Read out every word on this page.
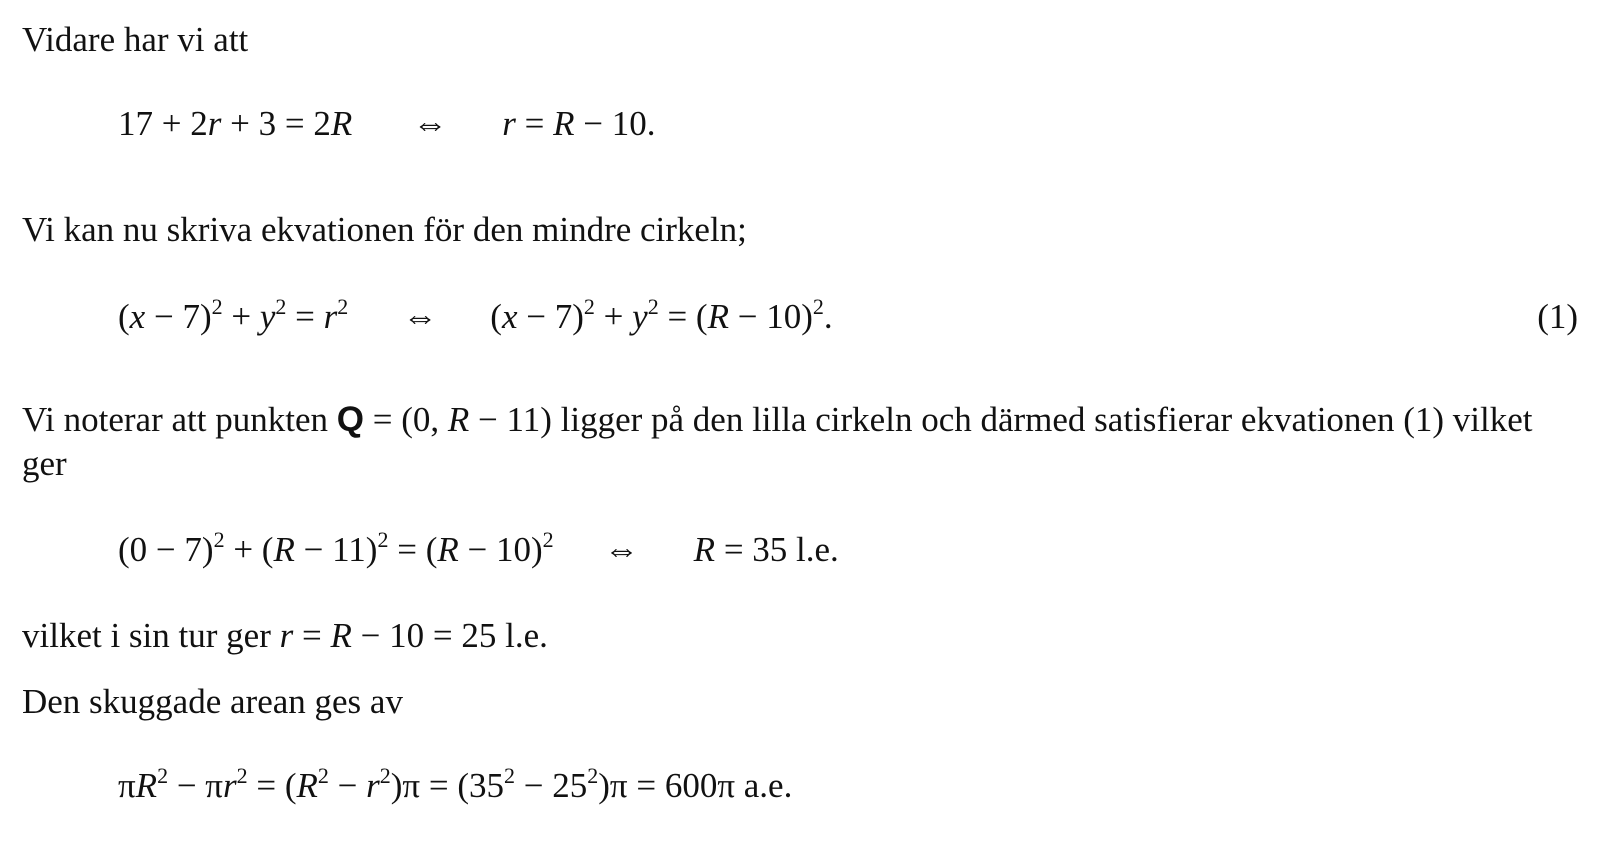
Vidare har vi att

17 + 2r + 3 = 2R ⇔ r = R − 10.

Vi kan nu skriva ekvationen för den mindre cirkeln;

$(x - 7)^2 + y^2 = r^2$ ⇔ $(x - 7)^2 + y^2 = (R - 10)^2$.	(1)

Vi noterar att punkten Q = (0, R − 11) ligger på den lilla cirkeln och därmed satisfierar ekvationen (1) vilket ger

$(0 - 7)^2 + (R - 11)^2 = (R - 10)^2$ ⇔ R = 35 l.e.

vilket i sin tur ger r = R − 10 = 25 l.e.

Den skuggade arean ges av

$\pi R^2 - \pi r^2 = (R^2 - r^2)\pi = (35^2 - 25^2)\pi = 600\pi$ a.e.
